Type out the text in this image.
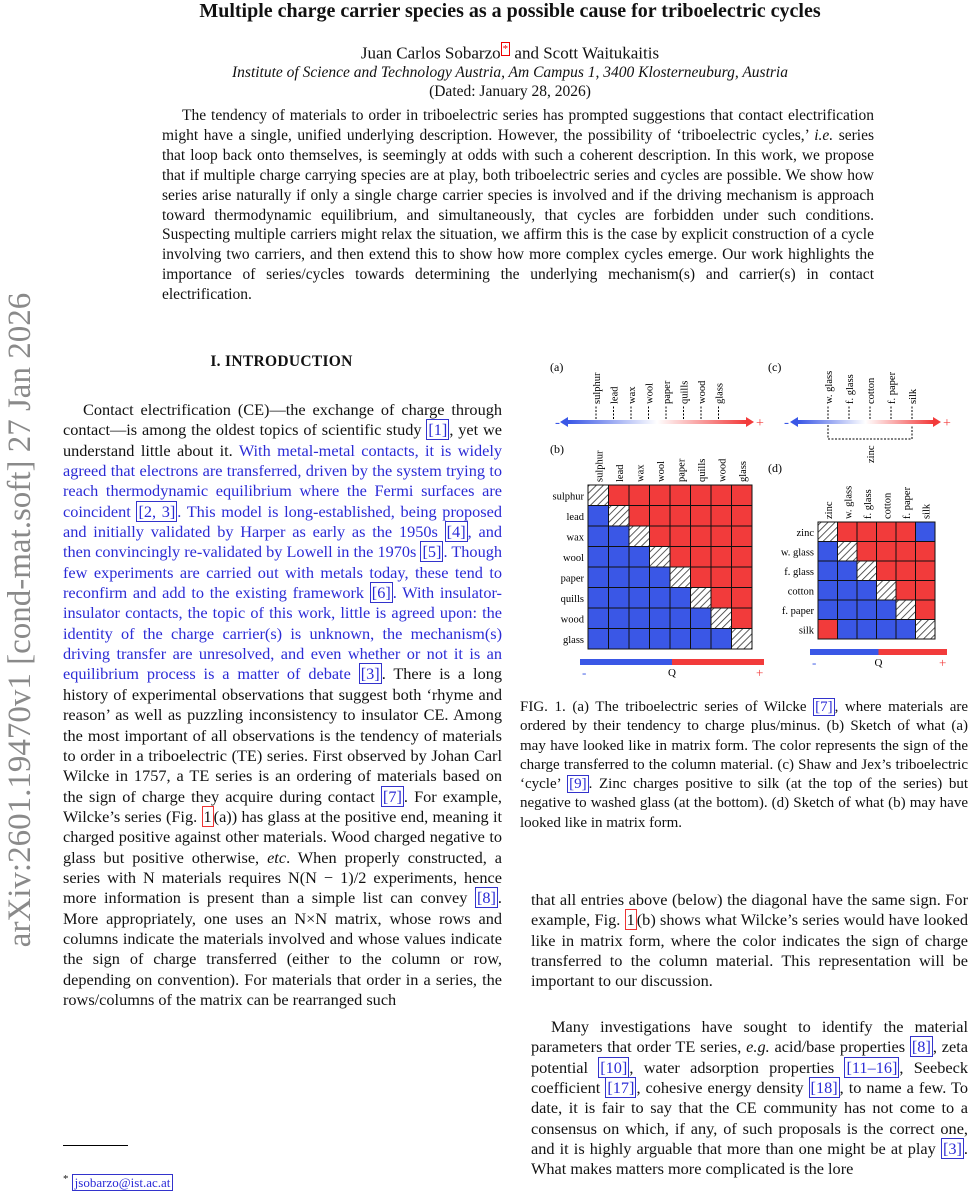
arXiv:2601.19470v1 [cond-mat.soft] 27 Jan 2026
Multiple charge carrier species as a possible cause for triboelectric cycles
Juan Carlos Sobarzo * and Scott Waitukaitis
Institute of Science and Technology Austria, Am Campus 1, 3400 Klosterneuburg, Austria
(Dated: January 28, 2026)
The tendency of materials to order in triboelectric series has prompted suggestions that contact electrification might have a single, unified underlying description. However, the possibility of ‘triboelectric cycles,’ i.e. series that loop back onto themselves, is seemingly at odds with such a coherent description. In this work, we propose that if multiple charge carrying species are at play, both triboelectric series and cycles are possible. We show how series arise naturally if only a single charge carrier species is involved and if the driving mechanism is approach toward thermodynamic equilibrium, and simultaneously, that cycles are forbidden under such conditions. Suspecting multiple carriers might relax the situation, we affirm this is the case by explicit construction of a cycle involving two carriers, and then extend this to show how more complex cycles emerge. Our work highlights the importance of series/cycles towards determining the underlying mechanism(s) and carrier(s) in contact electrification.
I. INTRODUCTION
Contact electrification (CE)—the exchange of charge through contact—is among the oldest topics of scientific study [1] , yet we understand little about it. With metal-metal contacts, it is widely agreed that electrons are transferred, driven by the system trying to reach thermodynamic equilibrium where the Fermi surfaces are coincident [2, 3] . This model is long-established, being proposed and initially validated by Harper as early as the 1950s [4] , and then convincingly re-validated by Lowell in the 1970s [5] . Though few experiments are carried out with metals today, these tend to reconfirm and add to the existing framework [6] . With insulator-insulator contacts, the topic of this work, little is agreed upon: the identity of the charge carrier(s) is unknown, the mechanism(s) driving transfer are unresolved, and even whether or not it is an equilibrium process is a matter of debate [3] . There is a long history of experimental observations that suggest both ‘rhyme and reason’ as well as puzzling inconsistency to insulator CE. Among the most important of all observations is the tendency of materials to order in a triboelectric (TE) series. First observed by Johan Carl Wilcke in 1757, a TE series is an ordering of materials based on the sign of charge they acquire during contact [7] . For example, Wilcke’s series (Fig. 1 (a)) has glass at the positive end, meaning it charged positive against other materials. Wood charged negative to glass but positive otherwise, etc. When properly constructed, a series with N materials requires N(N − 1)/2 experiments, hence more information is present than a simple list can convey [8] . More appropriately, one uses an N×N matrix, whose rows and columns indicate the materials involved and whose values indicate the sign of charge transferred (either to the column or row, depending on convention). For materials that order in a series, the rows/columns of the matrix can be rearranged such
* jsobarzo@ist.ac.at
(a)
-	+
sulphur lead wax wool paper quills wood glass
(b)
sulphur
lead
wax
wool
paper
quills
wood
glass
sulphur lead wax wool paper quills wood glass
-	Q	+
(c)
-	+
w. glass f. glass cotton f. paper silk
zinc
(d)
zinc
w. glass
f. glass
cotton
f. paper
silk
zinc w. glass f. glass cotton f. paper silk
-	Q	+
FIG. 1. (a) The triboelectric series of Wilcke [7] , where materials are ordered by their tendency to charge plus/minus. (b) Sketch of what (a) may have looked like in matrix form. The color represents the sign of the charge transferred to the column material. (c) Shaw and Jex’s triboelectric ‘cycle’ [9] . Zinc charges positive to silk (at the top of the series) but negative to washed glass (at the bottom). (d) Sketch of what (b) may have looked like in matrix form.
that all entries above (below) the diagonal have the same sign. For example, Fig. 1 (b) shows what Wilcke’s series would have looked like in matrix form, where the color indicates the sign of charge transferred to the column material. This representation will be important to our discussion.
Many investigations have sought to identify the material parameters that order TE series, e.g. acid/base properties [8] , zeta potential [10] , water adsorption properties [11–16] , Seebeck coefficient [17] , cohesive energy density [18] , to name a few. To date, it is fair to say that the CE community has not come to a consensus on which, if any, of such proposals is the correct one, and it is highly arguable that more than one might be at play [3] . What makes matters more complicated is the lore
